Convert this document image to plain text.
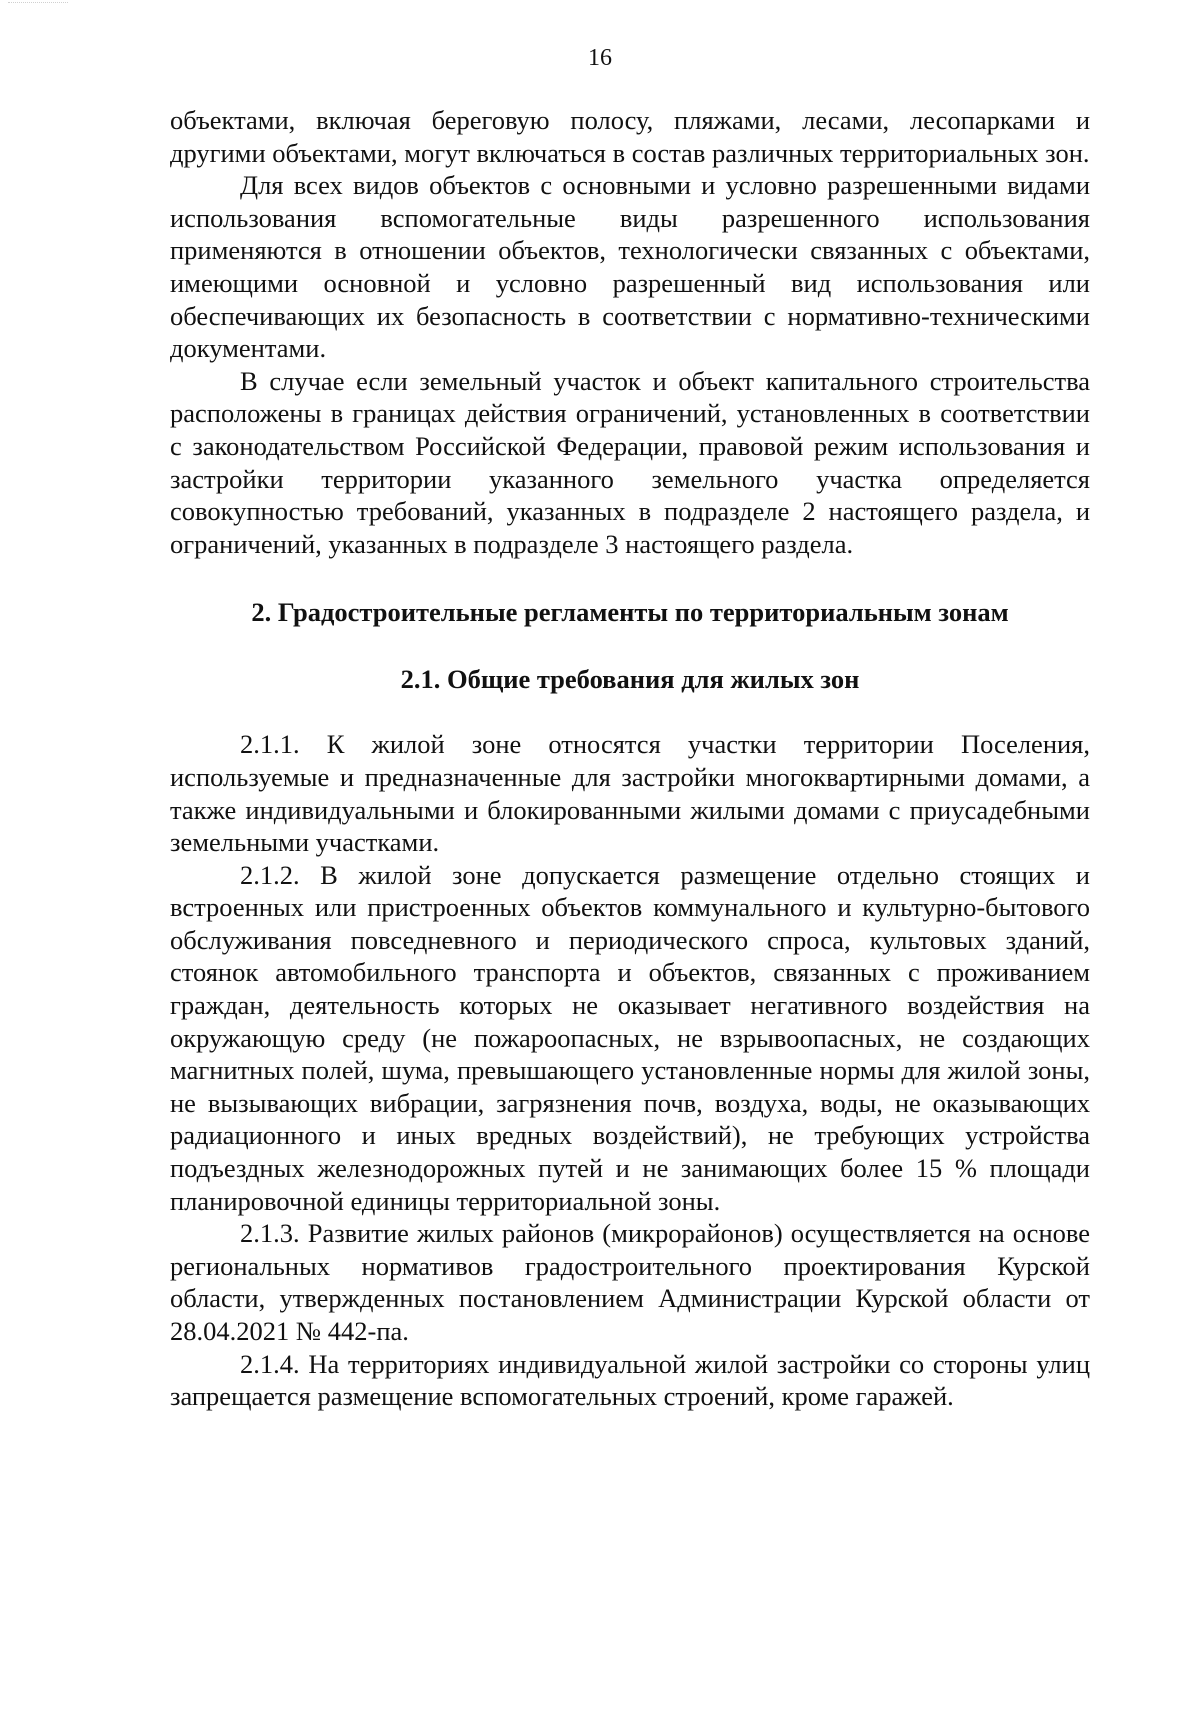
16

объектами, включая береговую полосу, пляжами, лесами, лесопарками и другими объектами, могут включаться в состав различных территориальных зон.

Для всех видов объектов с основными и условно разрешенными видами использования вспомогательные виды разрешенного использования применяются в отношении объектов, технологически связанных с объектами, имеющими основной и условно разрешенный вид использования или обеспечивающих их безопасность в соответствии с нормативно-техническими документами.

В случае если земельный участок и объект капитального строительства расположены в границах действия ограничений, установленных в соответствии с законодательством Российской Федерации, правовой режим использования и застройки территории указанного земельного участка определяется совокупностью требований, указанных в подразделе 2 настоящего раздела, и ограничений, указанных в подразделе 3 настоящего раздела.

2. Градостроительные регламенты по территориальным зонам
2.1. Общие требования для жилых зон

2.1.1. К жилой зоне относятся участки территории Поселения, используемые и предназначенные для застройки многоквартирными домами, а также индивидуальными и блокированными жилыми домами с приусадебными земельными участками.

2.1.2. В жилой зоне допускается размещение отдельно стоящих и встроенных или пристроенных объектов коммунального и культурно-бытового обслуживания повседневного и периодического спроса, культовых зданий, стоянок автомобильного транспорта и объектов, связанных с проживанием граждан, деятельность которых не оказывает негативного воздействия на окружающую среду (не пожароопасных, не взрывоопасных, не создающих магнитных полей, шума, превышающего установленные нормы для жилой зоны, не вызывающих вибрации, загрязнения почв, воздуха, воды, не оказывающих радиационного и иных вредных воздействий), не требующих устройства подъездных железнодорожных путей и не занимающих более 15 % площади планировочной единицы территориальной зоны.

2.1.3. Развитие жилых районов (микрорайонов) осуществляется на основе региональных нормативов градостроительного проектирования Курской области, утвержденных постановлением Администрации Курской области от 28.04.2021 № 442-па.

2.1.4. На территориях индивидуальной жилой застройки со стороны улиц запрещается размещение вспомогательных строений, кроме гаражей.
